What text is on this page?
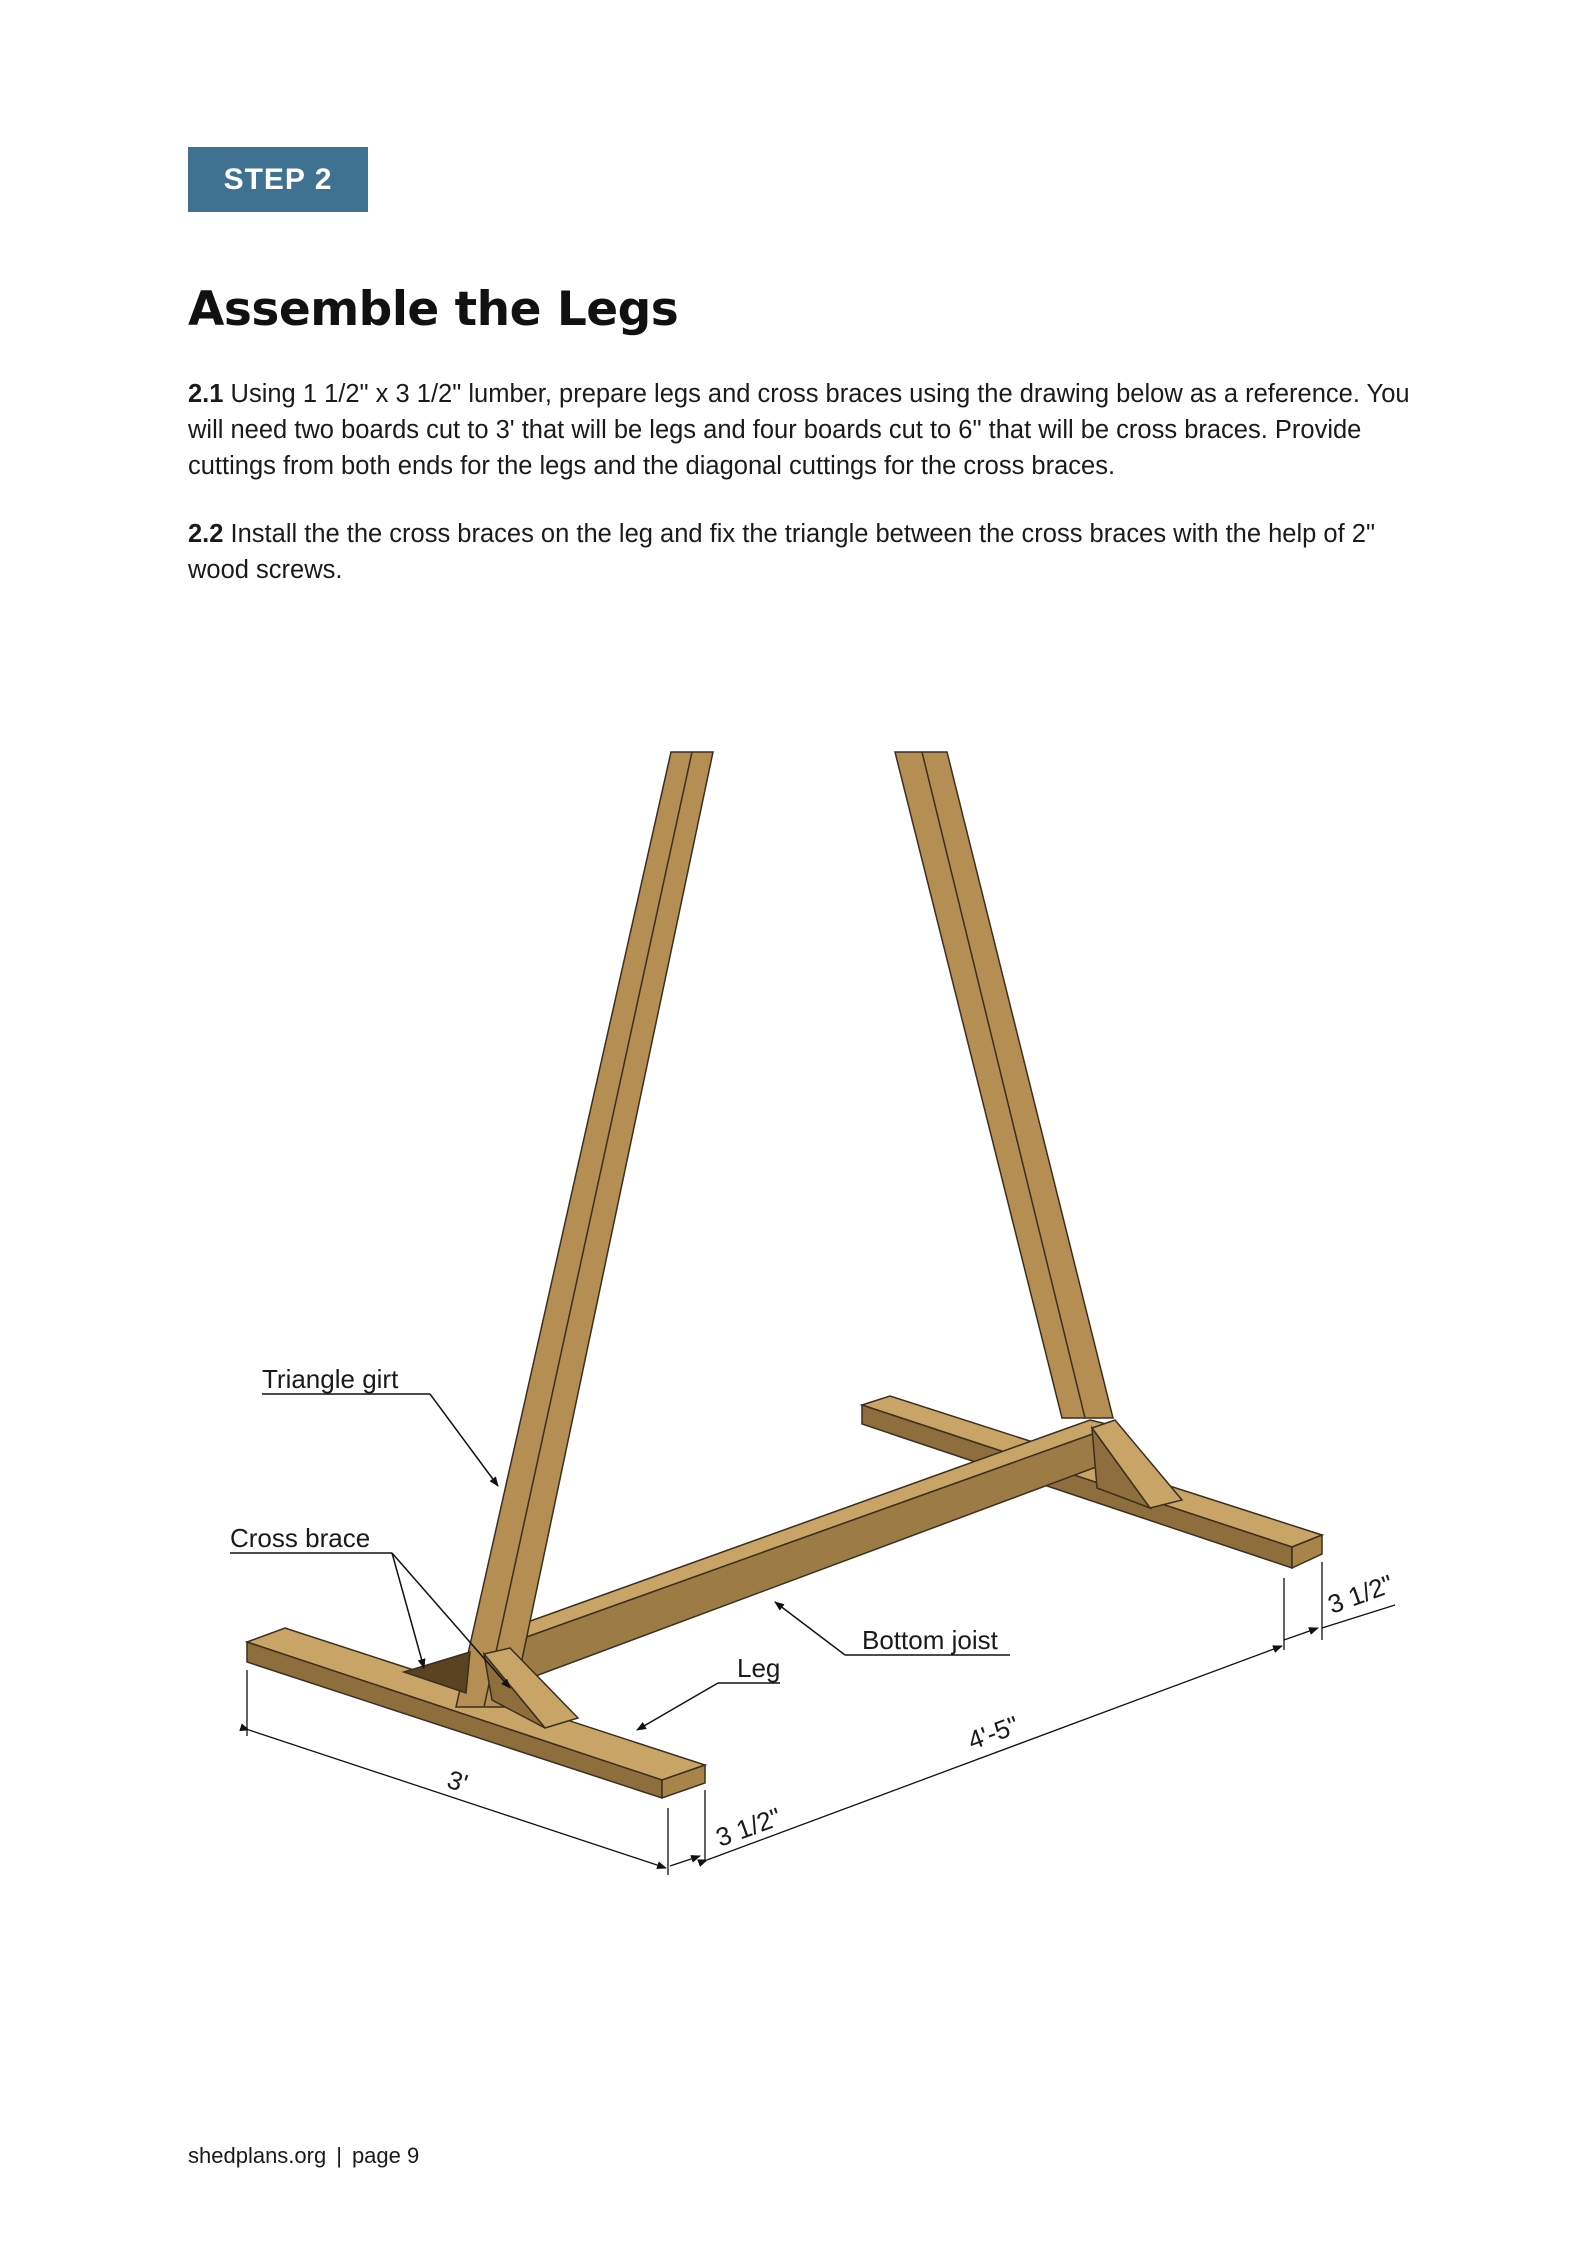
STEP 2
Assemble the Legs

2.1 Using 1 1/2" x 3 1/2" lumber, prepare legs and cross braces using the drawing below as a reference. You will need two boards cut to 3' that will be legs and four boards cut to 6" that will be cross braces. Provide cuttings from both ends for the legs and the diagonal cuttings for the cross braces.

2.2 Install the the cross braces on the leg and fix the triangle between the cross braces with the help of 2" wood screws.

Triangle girt
Cross brace
Leg
Bottom joist
3'
3 1/2"
4'-5"
3 1/2"
shedplans.org | page 9
